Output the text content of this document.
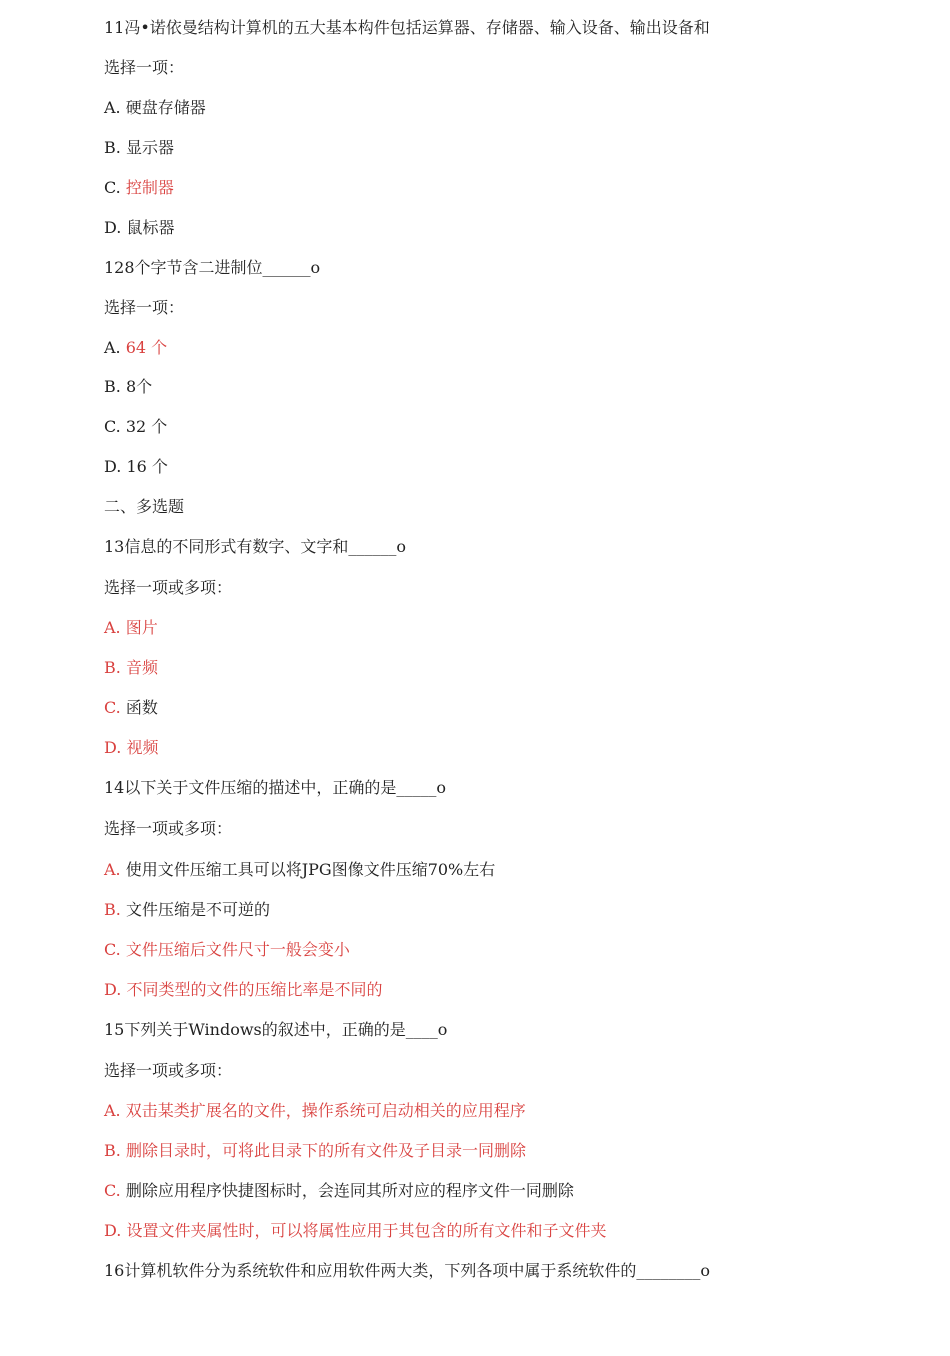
11冯•诺依曼结构计算机的五大基本构件包括运算器、存储器、输入设备、输出设备和
选择一项：
A. 硬盘存储器
B. 显示器
C. 控制器
D. 鼠标器
128个字节含二进制位______o
选择一项：
A. 64 个
B. 8个
C. 32 个
D. 16 个
二、多选题
13信息的不同形式有数字、文字和______o
选择一项或多项：
A. 图片
B. 音频
C. 函数
D. 视频
14以下关于文件压缩的描述中，正确的是_____o
选择一项或多项：
A. 使用文件压缩工具可以将JPG图像文件压缩70%左右
B. 文件压缩是不可逆的
C. 文件压缩后文件尺寸一般会变小
D. 不同类型的文件的压缩比率是不同的
15下列关于Windows的叙述中，正确的是____o
选择一项或多项：
A. 双击某类扩展名的文件，操作系统可启动相关的应用程序
B. 删除目录时，可将此目录下的所有文件及子目录一同删除
C. 删除应用程序快捷图标时，会连同其所对应的程序文件一同删除
D. 设置文件夹属性时，可以将属性应用于其包含的所有文件和子文件夹
16计算机软件分为系统软件和应用软件两大类，下列各项中属于系统软件的________o
